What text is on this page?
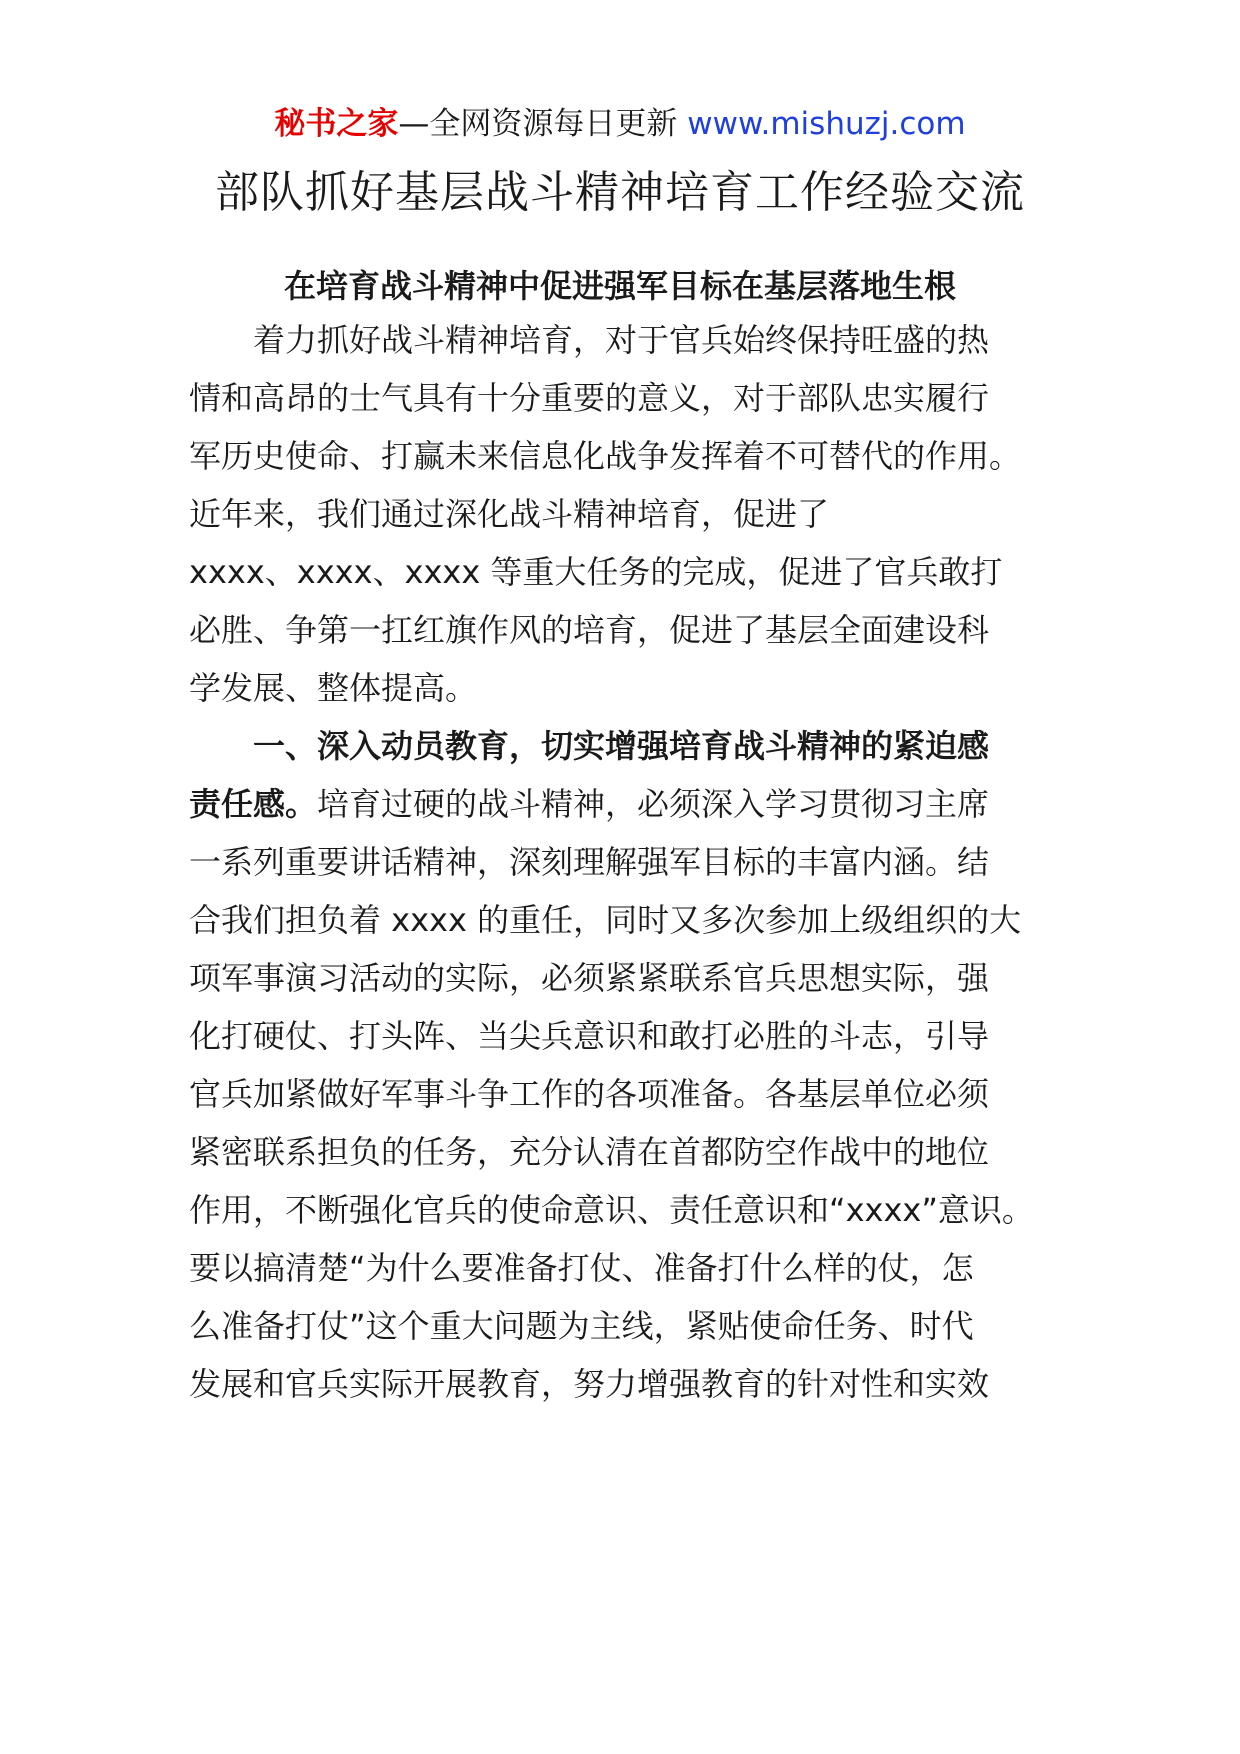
秘书之家—全网资源每日更新 www.mishuzj.com
部队抓好基层战斗精神培育工作经验交流
在培育战斗精神中促进强军目标在基层落地生根
着力抓好战斗精神培育，对于官兵始终保持旺盛的热
情和高昂的士气具有十分重要的意义，对于部队忠实履行
军历史使命、打赢未来信息化战争发挥着不可替代的作用。
近年来，我们通过深化战斗精神培育，促进了
xxxx、xxxx、xxxx 等重大任务的完成，促进了官兵敢打
必胜、争第一扛红旗作风的培育，促进了基层全面建设科
学发展、整体提高。
一、深入动员教育，切实增强培育战斗精神的紧迫感
责任感。培育过硬的战斗精神，必须深入学习贯彻习主席
一系列重要讲话精神，深刻理解强军目标的丰富内涵。结
合我们担负着 xxxx 的重任，同时又多次参加上级组织的大
项军事演习活动的实际，必须紧紧联系官兵思想实际，强
化打硬仗、打头阵、当尖兵意识和敢打必胜的斗志，引导
官兵加紧做好军事斗争工作的各项准备。各基层单位必须
紧密联系担负的任务，充分认清在首都防空作战中的地位
作用，不断强化官兵的使命意识、责任意识和“xxxx”意识。
要以搞清楚“为什么要准备打仗、准备打什么样的仗，怎
么准备打仗”这个重大问题为主线，紧贴使命任务、时代
发展和官兵实际开展教育，努力增强教育的针对性和实效
